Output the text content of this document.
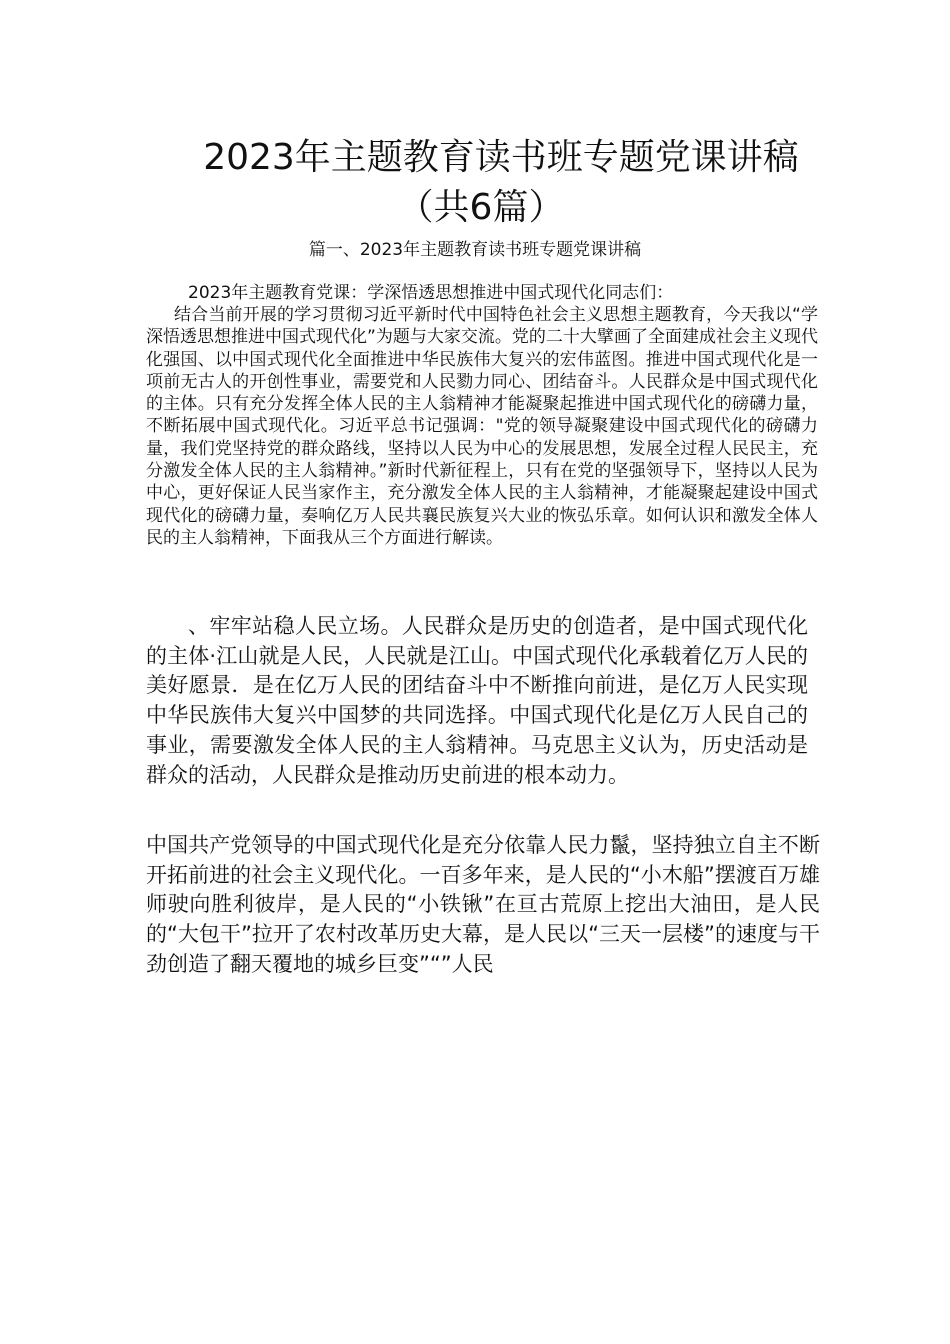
2023年主题教育读书班专题党课讲稿
（共6篇）

篇一、2023年主题教育读书班专题党课讲稿

2023年主题教育党课：学深悟透思想推进中国式现代化同志们：

结合当前开展的学习贯彻习近平新时代中国特色社会主义思想主题教育，今天我以“学深悟透思想推进中国式现代化”为题与大家交流。党的二十大擘画了全面建成社会主义现代化强国、以中国式现代化全面推进中华民族伟大复兴的宏伟蓝图。推进中国式现代化是一项前无古人的开创性事业，需要党和人民勠力同心、团结奋斗。人民群众是中国式现代化的主体。只有充分发挥全体人民的主人翁精神才能凝聚起推进中国式现代化的磅礴力量，不断拓展中国式现代化。习近平总书记强调："党的领导凝聚建设中国式现代化的磅礴力量，我们党坚持党的群众路线，坚持以人民为中心的发展思想，发展全过程人民民主，充分激发全体人民的主人翁精神。”新时代新征程上，只有在党的坚强领导下，坚持以人民为中心，更好保证人民当家作主，充分激发全体人民的主人翁精神，才能凝聚起建设中国式现代化的磅礴力量，奏响亿万人民共襄民族复兴大业的恢弘乐章。如何认识和激发全体人民的主人翁精神，下面我从三个方面进行解读。

、牢牢站稳人民立场。人民群众是历史的创造者，是中国式现代化的主体·江山就是人民，人民就是江山。中国式现代化承载着亿万人民的美好愿景．是在亿万人民的团结奋斗中不断推向前进，是亿万人民实现中华民族伟大复兴中国梦的共同选择。中国式现代化是亿万人民自己的事业，需要激发全体人民的主人翁精神。马克思主义认为，历史活动是群众的活动，人民群众是推动历史前进的根本动力。

中国共产党领导的中国式现代化是充分依靠人民力鬣，坚持独立自主不断开拓前进的社会主义现代化。一百多年来，是人民的“小木船”摆渡百万雄师驶向胜利彼岸，是人民的“小铁锹”在亘古荒原上挖出大油田，是人民的“大包干”拉开了农村改革历史大幕，是人民以“三天一层楼”的速度与干劲创造了翻天覆地的城乡巨变”“”人民
